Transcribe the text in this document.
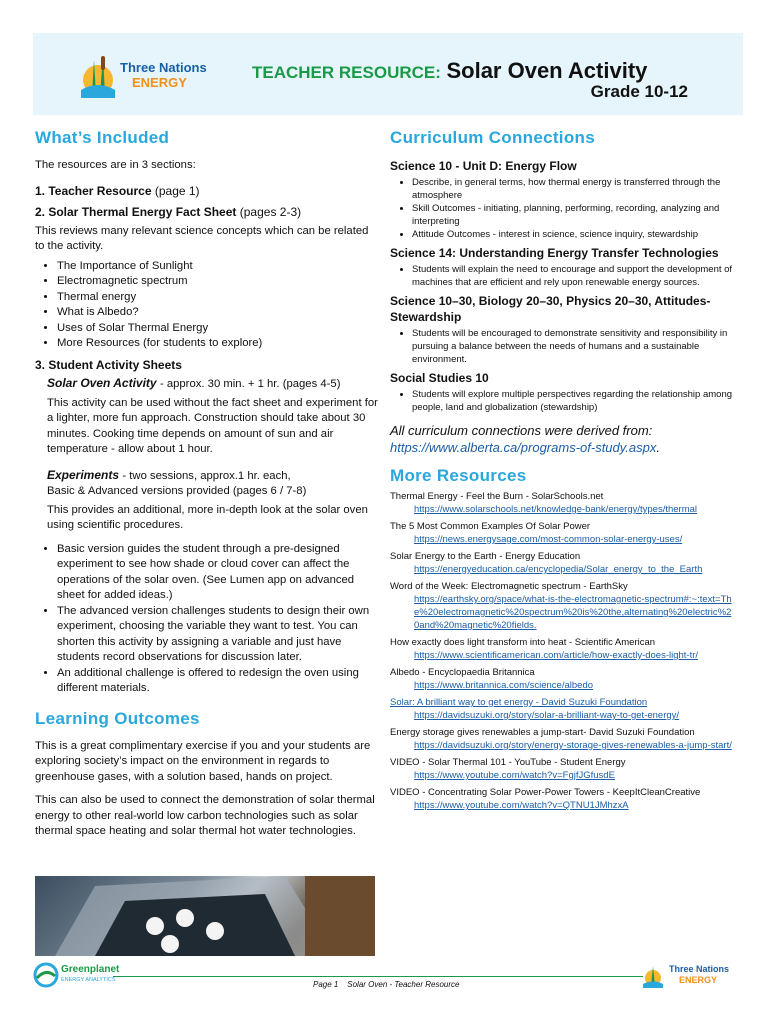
Three Nations
ENERGY
TEACHER RESOURCE: Solar Oven Activity
Grade 10-12
What’s Included

The resources are in 3 sections:

1. Teacher Resource (page 1)

2. Solar Thermal Energy Fact Sheet (pages 2-3)

This reviews many relevant science concepts which can be related to the activity.

• The Importance of Sunlight
• Electromagnetic spectrum
• Thermal energy
• What is Albedo?
• Uses of Solar Thermal Energy
• More Resources (for students to explore)

3. Student Activity Sheets

Solar Oven Activity - approx. 30 min. + 1 hr. (pages 4-5)

This activity can be used without the fact sheet and experiment for a lighter, more fun approach. Construction should take about 30 minutes. Cooking time depends on amount of sun and air temperature - allow about 1 hour.

Experiments - two sessions, approx.1 hr. each,

Basic & Advanced versions provided (pages 6 / 7-8)

This provides an additional, more in-depth look at the solar oven using scientific procedures.

• Basic version guides the student through a pre-designed experiment to see how shade or cloud cover can affect the operations of the solar oven. (See Lumen app on advanced sheet for added ideas.)
• The advanced version challenges students to design their own experiment, choosing the variable they want to test. You can shorten this activity by assigning a variable and just have students record observations for discussion later.
• An additional challenge is offered to redesign the oven using different materials.
Learning Outcomes

This is a great complimentary exercise if you and your students are exploring society’s impact on the environment in regards to greenhouse gases, with a solution based, hands on project.

This can also be used to connect the demonstration of solar thermal energy to other real-world low carbon technologies such as solar thermal space heating and solar thermal hot water technologies.

Curriculum Connections

Science 10 - Unit D: Energy Flow

• Describe, in general terms, how thermal energy is transferred through the atmosphere
• Skill Outcomes - initiating, planning, performing, recording, analyzing and interpreting
• Attitude Outcomes - interest in science, science inquiry, stewardship

Science 14: Understanding Energy Transfer Technologies

• Students will explain the need to encourage and support the development of machines that are efficient and rely upon renewable energy sources.

Science 10–30, Biology 20–30, Physics 20–30, Attitudes-Stewardship

• Students will be encouraged to demonstrate sensitivity and responsibility in pursuing a balance between the needs of humans and a sustainable environment.

Social Studies 10

• Students will explore multiple perspectives regarding the relationship among people, land and globalization (stewardship)

All curriculum connections were derived from:
https://www.alberta.ca/programs-of-study.aspx.

More Resources

Thermal Energy - Feel the Burn - SolarSchools.net

https://www.solarschools.net/knowledge-bank/energy/types/thermal

The 5 Most Common Examples Of Solar Power

https://news.energysage.com/most-common-solar-energy-uses/

Solar Energy to the Earth - Energy Education

https://energyeducation.ca/encyclopedia/Solar_energy_to_the_Earth

Word of the Week: Electromagnetic spectrum - EarthSky

https://earthsky.org/space/what-is-the-electromagnetic-spectrum#:~:text=The%20electromagnetic%20spectrum%20is%20the,alternating%20electric%20and%20magnetic%20fields.

How exactly does light transform into heat - Scientific American

https://www.scientificamerican.com/article/how-exactly-does-light-tr/

Albedo - Encyclopaedia Britannica

https://www.britannica.com/science/albedo

Solar: A brilliant way to get energy - David Suzuki Foundation

https://davidsuzuki.org/story/solar-a-brilliant-way-to-get-energy/

Energy storage gives renewables a jump-start- David Suzuki Foundation

https://davidsuzuki.org/story/energy-storage-gives-renewables-a-jump-start/

VIDEO - Solar Thermal 101 - YouTube - Student Energy

https://www.youtube.com/watch?v=FgjfJGfusdE

VIDEO - Concentrating Solar Power-Power Towers - KeepItCleanCreative

https://www.youtube.com/watch?v=QTNU1JMhzxA

Greenplanet
ENERGY ANALYTICS	Page 1 Solar Oven - Teacher Resource
Three Nations
ENERGY
